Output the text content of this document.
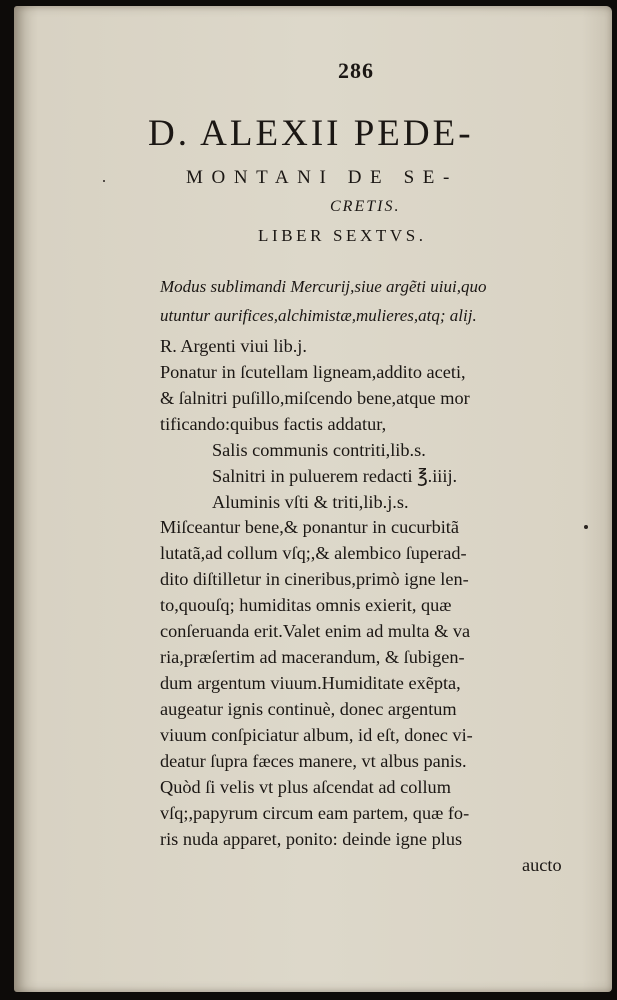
286
D. ALEXII PEDE-
MONTANI DE SE-
CRETIS.
LIBER SEXTVS.
Modus sublimandi Mercurij,siue argẽti uiui,quo
utuntur aurifices,alchimistæ,mulieres,atq; alij.
R. Argenti viui lib.j.
Ponatur in ſcutellam ligneam,addito aceti,
& ſalnitri puſillo,miſcendo bene,atque mor
tificando:quibus factis addatur,
Salis communis contriti,lib.s.
Salnitri in puluerem redacti ℥.iiij.
Aluminis vſti & triti,lib.j.s.
Miſceantur bene,& ponantur in cucurbitã
lutatã,ad collum vſq;,& alembico ſuperad-
dito diſtilletur in cineribus,primò igne len-
to,quouſq; humiditas omnis exierit, quæ
conſeruanda erit.Valet enim ad multa & va
ria,præſertim ad macerandum, & ſubigen-
dum argentum viuum.Humiditate exẽpta,
augeatur ignis continuè, donec argentum
viuum conſpiciatur album, id eſt, donec vi-
deatur ſupra fæces manere, vt albus panis.
Quòd ſi velis vt plus aſcendat ad collum
vſq;,papyrum circum eam partem, quæ fo-
ris nuda apparet, ponito: deinde igne plus
aucto
